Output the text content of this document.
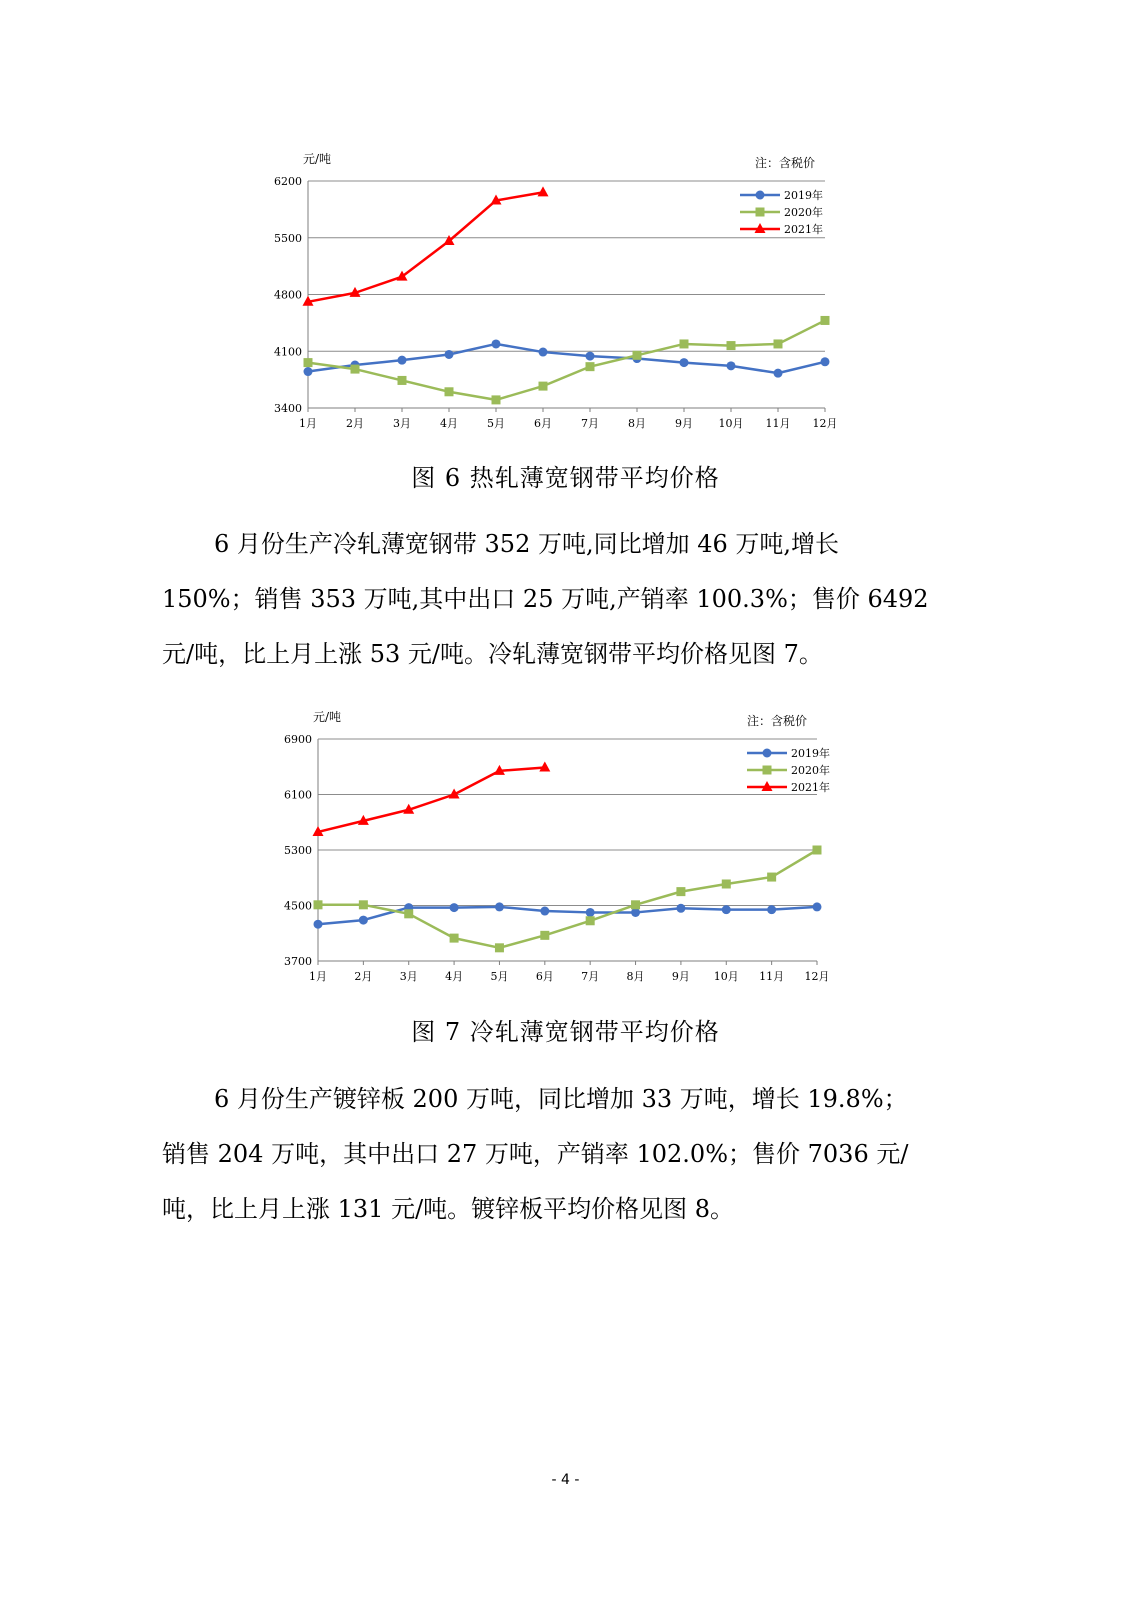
3400
4100
4800
5500
6200
1月	2月	3月	4月	5月	6月	7月	8月	9月 10月 11月 12月
元/吨	注：含税价
2019年
2020年
2021年
图 6 热轧薄宽钢带平均价格
6 月份生产冷轧薄宽钢带 352 万吨,同比增加 46 万吨,增长
150%；销售 353 万吨,其中出口 25 万吨,产销率 100.3%；售价 6492
元/吨，比上月上涨 53 元/吨。冷轧薄宽钢带平均价格见图 7。
3700
4500
5300
6100
6900
1月 2月 3月 4月 5月 6月 7月 8月 9月 10月 11月 12月
元/吨	注：含税价
2019年
2020年
2021年
图 7 冷轧薄宽钢带平均价格
6 月份生产镀锌板 200 万吨，同比增加 33 万吨，增长 19.8%；
销售 204 万吨，其中出口 27 万吨，产销率 102.0%；售价 7036 元/
吨，比上月上涨 131 元/吨。镀锌板平均价格见图 8。
- 4 -
